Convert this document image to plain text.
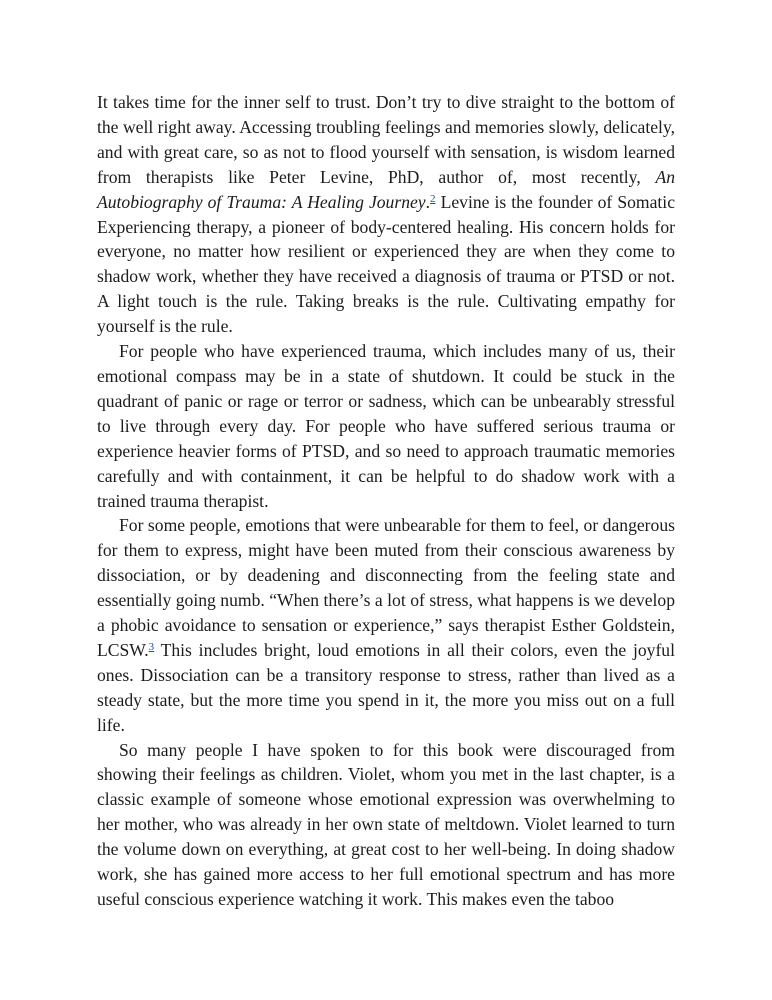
It takes time for the inner self to trust. Don’t try to dive straight to the bottom of the well right away. Accessing troubling feelings and memories slowly, delicately, and with great care, so as not to flood yourself with sensation, is wisdom learned from therapists like Peter Levine, PhD, author of, most recently, An Autobiography of Trauma: A Healing Journey.$^2$ Levine is the founder of Somatic Experiencing therapy, a pioneer of body-centered healing. His concern holds for everyone, no matter how resilient or experienced they are when they come to shadow work, whether they have received a diagnosis of trauma or PTSD or not. A light touch is the rule. Taking breaks is the rule. Cultivating empathy for yourself is the rule.

For people who have experienced trauma, which includes many of us, their emotional compass may be in a state of shutdown. It could be stuck in the quadrant of panic or rage or terror or sadness, which can be unbearably stressful to live through every day. For people who have suffered serious trauma or experience heavier forms of PTSD, and so need to approach traumatic memories carefully and with containment, it can be helpful to do shadow work with a trained trauma therapist.

For some people, emotions that were unbearable for them to feel, or dangerous for them to express, might have been muted from their conscious awareness by dissociation, or by deadening and disconnecting from the feeling state and essentially going numb. “When there’s a lot of stress, what happens is we develop a phobic avoidance to sensation or experience,” says therapist Esther Goldstein, LCSW.$^3$ This includes bright, loud emotions in all their colors, even the joyful ones. Dissociation can be a transitory response to stress, rather than lived as a steady state, but the more time you spend in it, the more you miss out on a full life.

So many people I have spoken to for this book were discouraged from showing their feelings as children. Violet, whom you met in the last chapter, is a classic example of someone whose emotional expression was overwhelming to her mother, who was already in her own state of meltdown. Violet learned to turn the volume down on everything, at great cost to her well-being. In doing shadow work, she has gained more access to her full emotional spectrum and has more useful conscious experience watching it work. This makes even the taboo
